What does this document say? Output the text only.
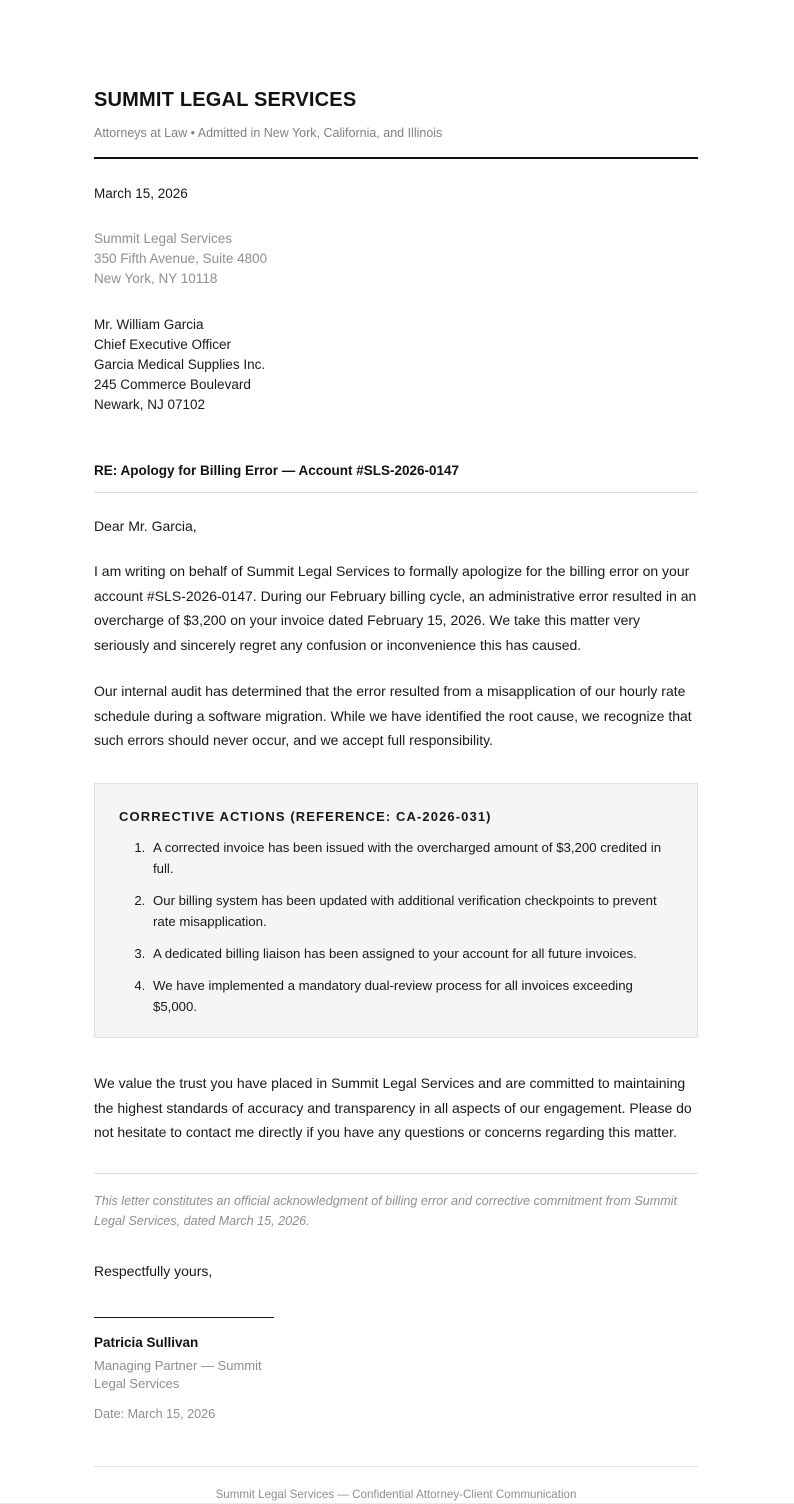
SUMMIT LEGAL SERVICES

Attorneys at Law • Admitted in New York, California, and Illinois

March 15, 2026

Summit Legal Services
350 Fifth Avenue, Suite 4800
New York, NY 10118
Mr. William Garcia
Chief Executive Officer
Garcia Medical Supplies Inc.
245 Commerce Boulevard
Newark, NJ 07102

RE: Apology for Billing Error — Account #SLS-2026-0147

Dear Mr. Garcia,

I am writing on behalf of Summit Legal Services to formally apologize for the billing error on your account #SLS-2026-0147. During our February billing cycle, an administrative error resulted in an overcharge of $3,200 on your invoice dated February 15, 2026. We take this matter very seriously and sincerely regret any confusion or inconvenience this has caused.

Our internal audit has determined that the error resulted from a misapplication of our hourly rate schedule during a software migration. While we have identified the root cause, we recognize that such errors should never occur, and we accept full responsibility.

CORRECTIVE ACTIONS (REFERENCE: CA-2026-031)
1. A corrected invoice has been issued with the overcharged amount of $3,200 credited in full.
2. Our billing system has been updated with additional verification checkpoints to prevent rate misapplication.
3. A dedicated billing liaison has been assigned to your account for all future invoices.
4. We have implemented a mandatory dual-review process for all invoices exceeding $5,000.

We value the trust you have placed in Summit Legal Services and are committed to maintaining the highest standards of accuracy and transparency in all aspects of our engagement. Please do not hesitate to contact me directly if you have any questions or concerns regarding this matter.

This letter constitutes an official acknowledgment of billing error and corrective commitment from Summit Legal Services, dated March 15, 2026.

Respectfully yours,

Patricia Sullivan

Managing Partner — Summit Legal Services

Date: March 15, 2026

Summit Legal Services — Confidential Attorney-Client Communication
